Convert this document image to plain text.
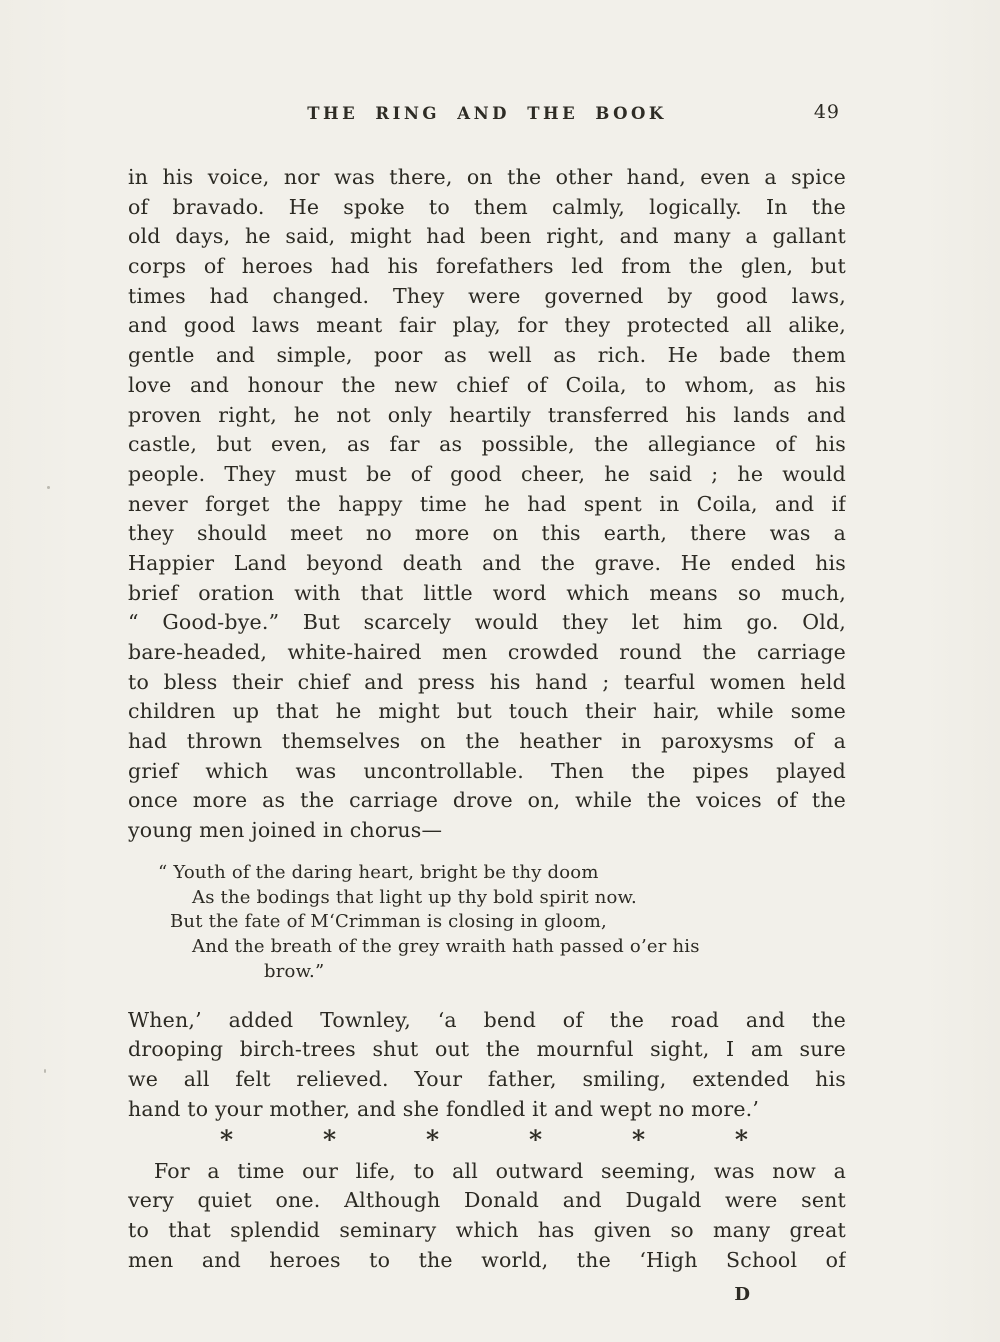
THE RING AND THE BOOK	49
in his voice, nor was there, on the other hand, even a spice
of bravado. He spoke to them calmly, logically. In the
old days, he said, might had been right, and many a gallant
corps of heroes had his forefathers led from the glen, but
times had changed. They were governed by good laws,
and good laws meant fair play, for they protected all alike,
gentle and simple, poor as well as rich. He bade them
love and honour the new chief of Coila, to whom, as his
proven right, he not only heartily transferred his lands and
castle, but even, as far as possible, the allegiance of his
people. They must be of good cheer, he said ; he would
never forget the happy time he had spent in Coila, and if
they should meet no more on this earth, there was a
Happier Land beyond death and the grave. He ended his
brief oration with that little word which means so much,
“ Good-bye.” But scarcely would they let him go. Old,
bare-headed, white-haired men crowded round the carriage
to bless their chief and press his hand ; tearful women held
children up that he might but touch their hair, while some
had thrown themselves on the heather in paroxysms of a
grief which was uncontrollable. Then the pipes played
once more as the carriage drove on, while the voices of the
young men joined in chorus—
“ Youth of the daring heart, bright be thy doom
As the bodings that light up thy bold spirit now.
But the fate of M‘Crimman is closing in gloom,
And the breath of the grey wraith hath passed o’er his
brow.”
When,’ added Townley, ‘a bend of the road and the
drooping birch-trees shut out the mournful sight, I am sure
we all felt relieved. Your father, smiling, extended his
hand to your mother, and she fondled it and wept no more.’
*	*	*	*	*	*
For a time our life, to all outward seeming, was now a
very quiet one. Although Donald and Dugald were sent
to that splendid seminary which has given so many great
men and heroes to the world, the ‘High School of
D
